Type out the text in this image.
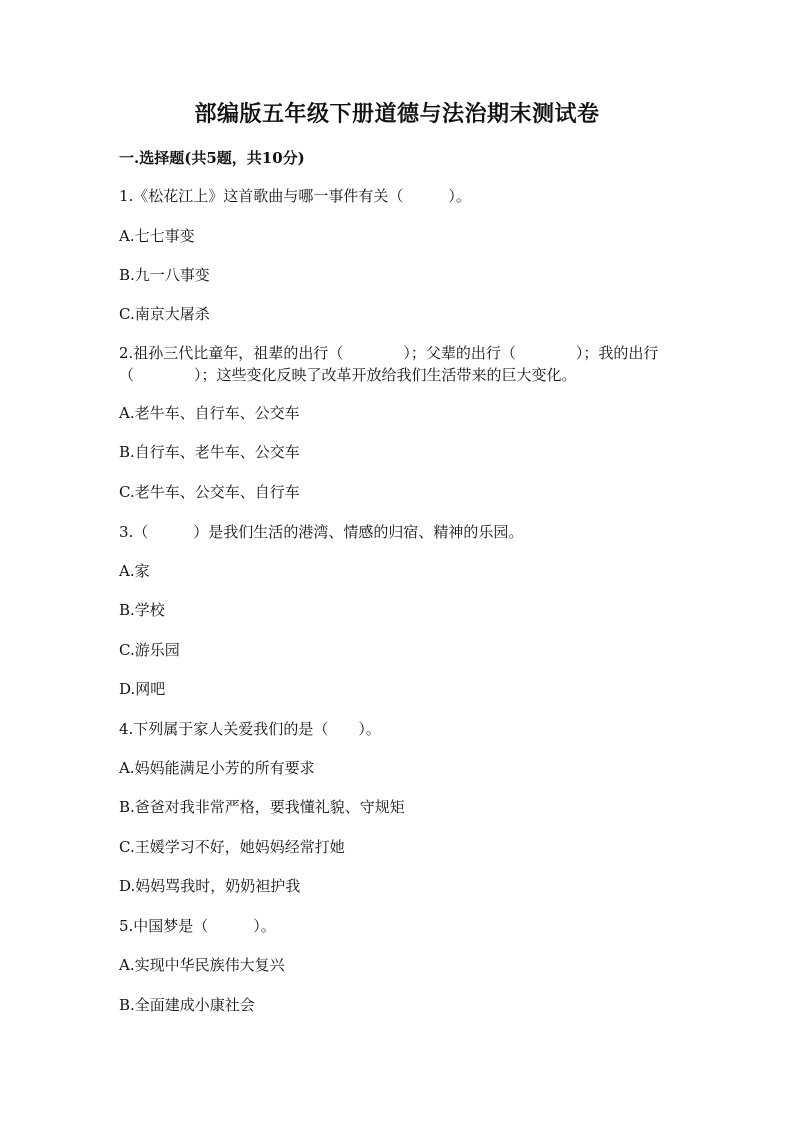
部编版五年级下册道德与法治期末测试卷
一.选择题(共5题，共10分)
1.《松花江上》这首歌曲与哪一事件有关（　　　）。
A.七七事变
B.九一八事变
C.南京大屠杀
2.祖孙三代比童年，祖辈的出行（　　　　）；父辈的出行（　　　　）；我的出行（　　　　）；这些变化反映了改革开放给我们生活带来的巨大变化。
A.老牛车、自行车、公交车
B.自行车、老牛车、公交车
C.老牛车、公交车、自行车
3.（　　　）是我们生活的港湾、情感的归宿、精神的乐园。
A.家
B.学校
C.游乐园
D.网吧
4.下列属于家人关爱我们的是（　　）。
A.妈妈能满足小芳的所有要求
B.爸爸对我非常严格，要我懂礼貌、守规矩
C.王媛学习不好，她妈妈经常打她
D.妈妈骂我时，奶奶袒护我
5.中国梦是（　　　）。
A.实现中华民族伟大复兴
B.全面建成小康社会
